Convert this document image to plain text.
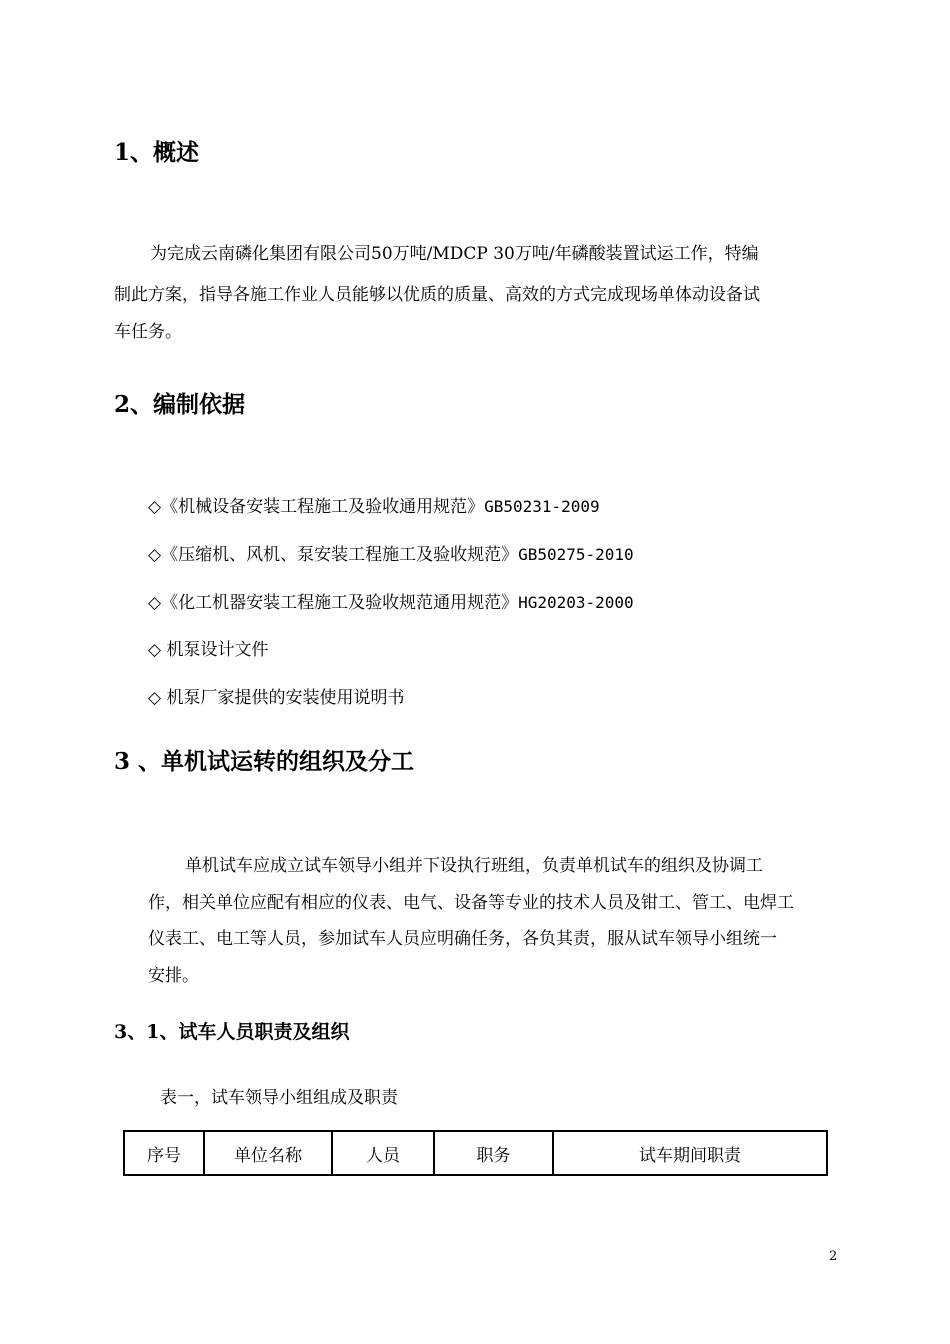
1、概述
为完成云南磷化集团有限公司50万吨/MDCP 30万吨/年磷酸装置试运工作，特编
制此方案，指导各施工作业人员能够以优质的质量、高效的方式完成现场单体动设备试
车任务。
2、编制依据
◇《机械设备安装工程施工及验收通用规范》GB50231-2009
◇《压缩机、风机、泵安装工程施工及验收规范》GB50275-2010
◇《化工机器安装工程施工及验收规范通用规范》HG20203-2000
◇ 机泵设计文件
◇ 机泵厂家提供的安装使用说明书
3 、单机试运转的组织及分工
单机试车应成立试车领导小组并下设执行班组，负责单机试车的组织及协调工
作，相关单位应配有相应的仪表、电气、设备等专业的技术人员及钳工、管工、电焊工
仪表工、电工等人员，参加试车人员应明确任务，各负其责，服从试车领导小组统一
安排。
3、1、试车人员职责及组织
表一，试车领导小组组成及职责
序号	单位名称	人员	职务	试车期间职责
2
